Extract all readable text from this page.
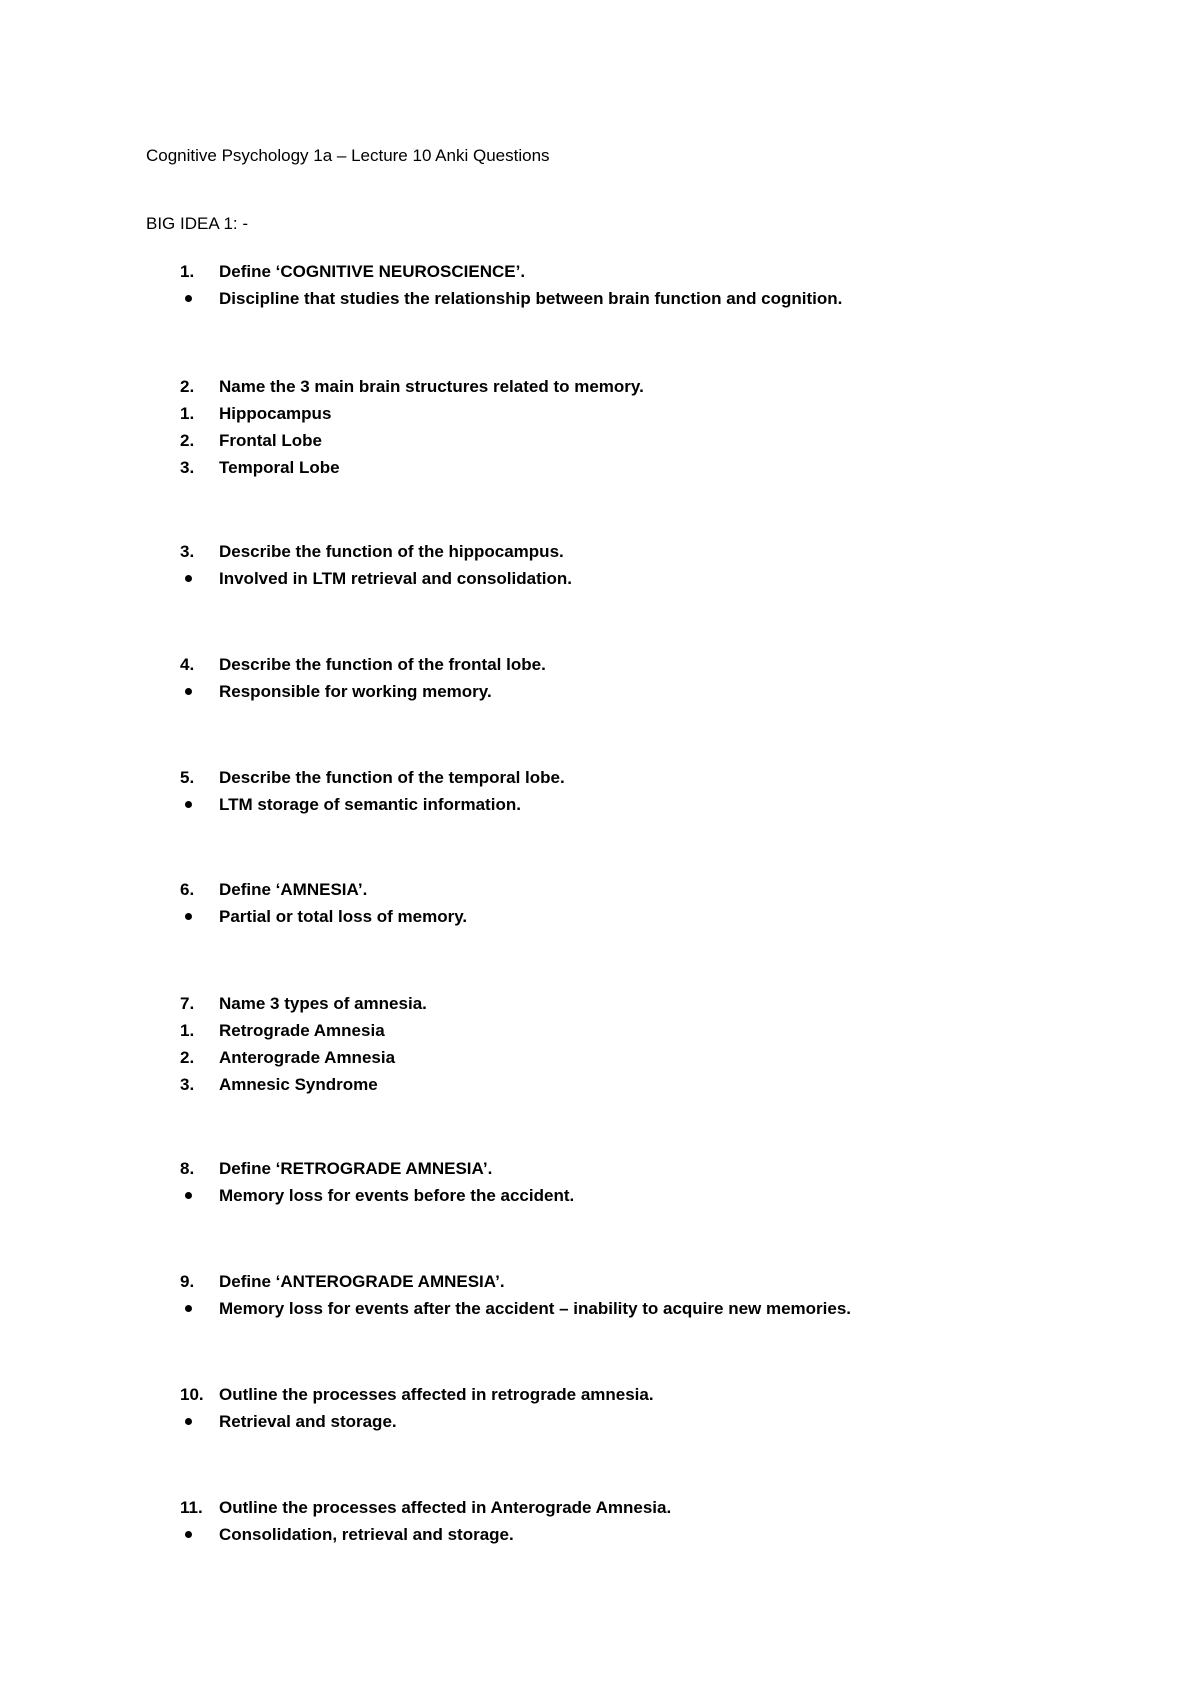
Cognitive Psychology 1a – Lecture 10 Anki Questions
BIG IDEA 1: -
1.	Define ‘COGNITIVE NEUROSCIENCE’.
Discipline that studies the relationship between brain function and cognition.
2.	Name the 3 main brain structures related to memory.
1.	Hippocampus
2.	Frontal Lobe
3.	Temporal Lobe
3.	Describe the function of the hippocampus.
Involved in LTM retrieval and consolidation.
4.	Describe the function of the frontal lobe.
Responsible for working memory.
5.	Describe the function of the temporal lobe.
LTM storage of semantic information.
6.	Define ‘AMNESIA’.
Partial or total loss of memory.
7.	Name 3 types of amnesia.
1.	Retrograde Amnesia
2.	Anterograde Amnesia
3.	Amnesic Syndrome
8.	Define ‘RETROGRADE AMNESIA’.
Memory loss for events before the accident.
9.	Define ‘ANTEROGRADE AMNESIA’.
Memory loss for events after the accident – inability to acquire new memories.
10. Outline the processes affected in retrograde amnesia.
Retrieval and storage.
11. Outline the processes affected in Anterograde Amnesia.
Consolidation, retrieval and storage.
